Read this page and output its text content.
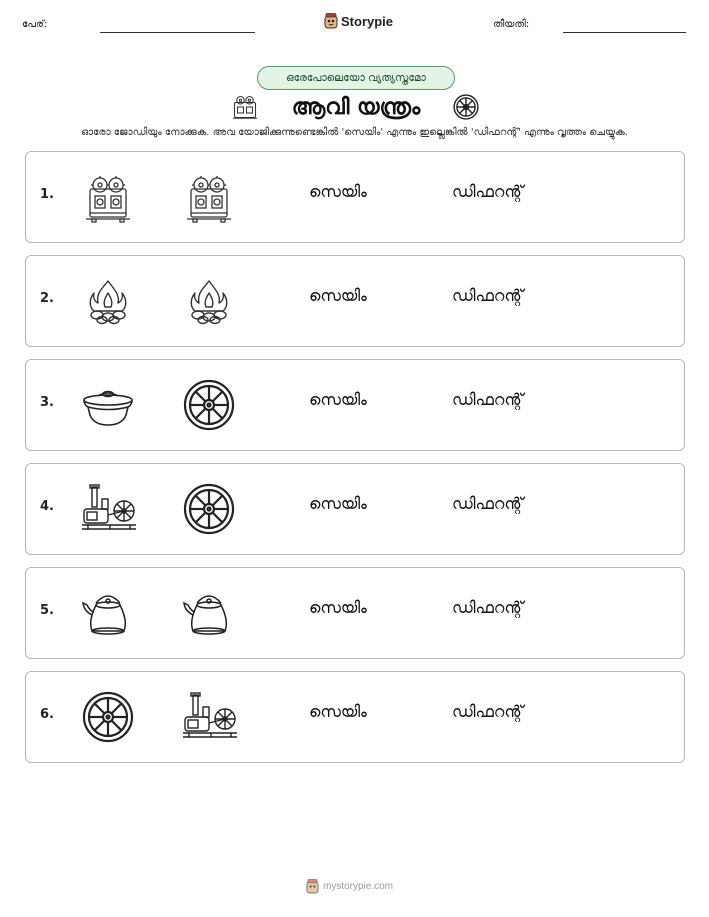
പേര്:	Storypie	തീയതി:
ഒരേപോലെയോ വ്യത്യസ്തമോ
ആവി യന്ത്രം
ഓരോ ജോഡിയും നോക്കുക. അവ യോജിക്കുന്നുണ്ടെങ്കിൽ 'സെയിം' എന്നും ഇല്ലെങ്കിൽ 'ഡിഫറന്റ്' എന്നും വൃത്തം ചെയ്യുക.
1.	സെയിം	ഡിഫറന്റ്
2.	സെയിം	ഡിഫറന്റ്
3.	സെയിം	ഡിഫറന്റ്
4.	സെയിം	ഡിഫറന്റ്
5.	സെയിം	ഡിഫറന്റ്
6.	സെയിം	ഡിഫറന്റ്
mystorypie.com
